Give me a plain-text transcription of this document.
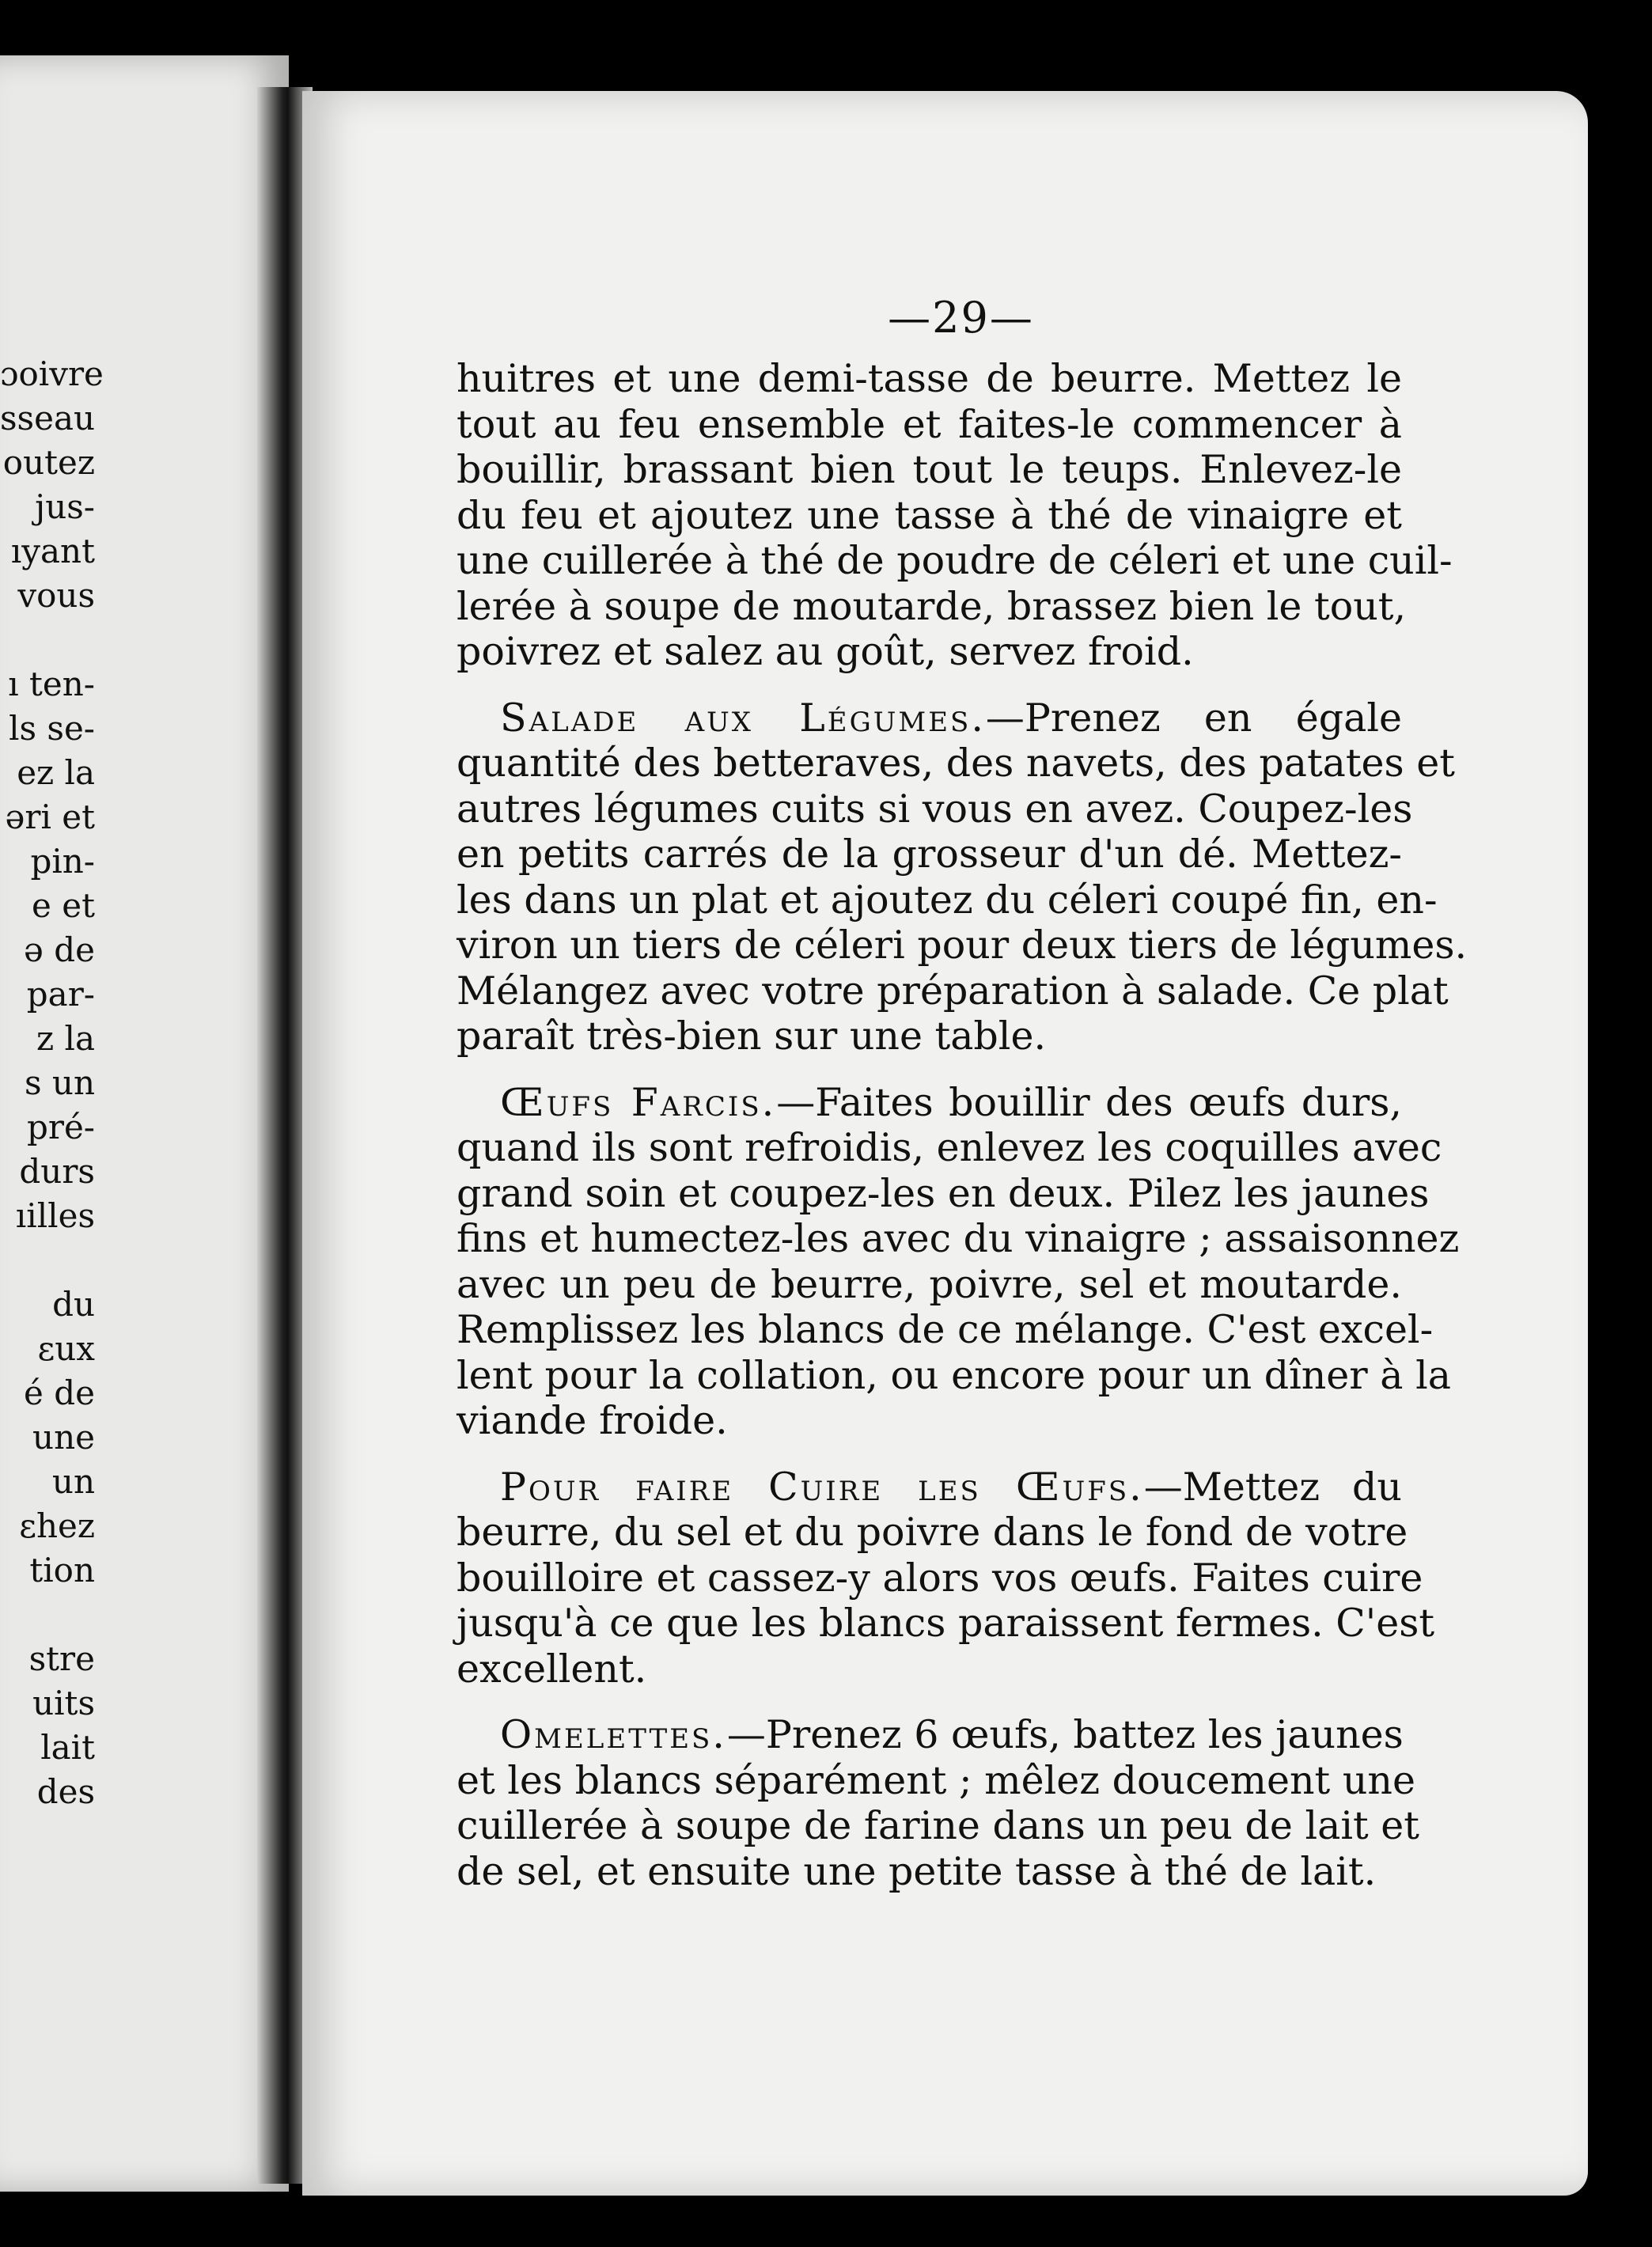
ɔoivre
sseau
outez
jus-
ıyant
vous
ı ten-
ls se-
ez la
əri et
pin-
e et
ə de
par-
z la
s un
pré-
durs
ıilles
du
ɛux
é de
une
un
ɛhez
tion
stre
uits
lait
des
—29—
huitres et une demi-tasse de beurre. Mettez le
tout au feu ensemble et faites-le commencer à
bouillir, brassant bien tout le teups. Enlevez-le
du feu et ajoutez une tasse à thé de vinaigre et
une cuillerée à thé de poudre de céleri et une cuil-
lerée à soupe de moutarde, brassez bien le tout,
poivrez et salez au goût, servez froid.
Salade aux Légumes.—Prenez en égale
quantité des betteraves, des navets, des patates et
autres légumes cuits si vous en avez. Coupez-les
en petits carrés de la grosseur d'un dé. Mettez-
les dans un plat et ajoutez du céleri coupé fin, en-
viron un tiers de céleri pour deux tiers de légumes.
Mélangez avec votre préparation à salade. Ce plat
paraît très-bien sur une table.
Œufs Farcis.—Faites bouillir des œufs durs,
quand ils sont refroidis, enlevez les coquilles avec
grand soin et coupez-les en deux. Pilez les jaunes
fins et humectez-les avec du vinaigre ; assaisonnez
avec un peu de beurre, poivre, sel et moutarde.
Remplissez les blancs de ce mélange. C'est excel-
lent pour la collation, ou encore pour un dîner à la
viande froide.
Pour faire Cuire les Œufs.—Mettez du
beurre, du sel et du poivre dans le fond de votre
bouilloire et cassez-y alors vos œufs. Faites cuire
jusqu'à ce que les blancs paraissent fermes. C'est
excellent.
Omelettes.—Prenez 6 œufs, battez les jaunes
et les blancs séparément ; mêlez doucement une
cuillerée à soupe de farine dans un peu de lait et
de sel, et ensuite une petite tasse à thé de lait.
